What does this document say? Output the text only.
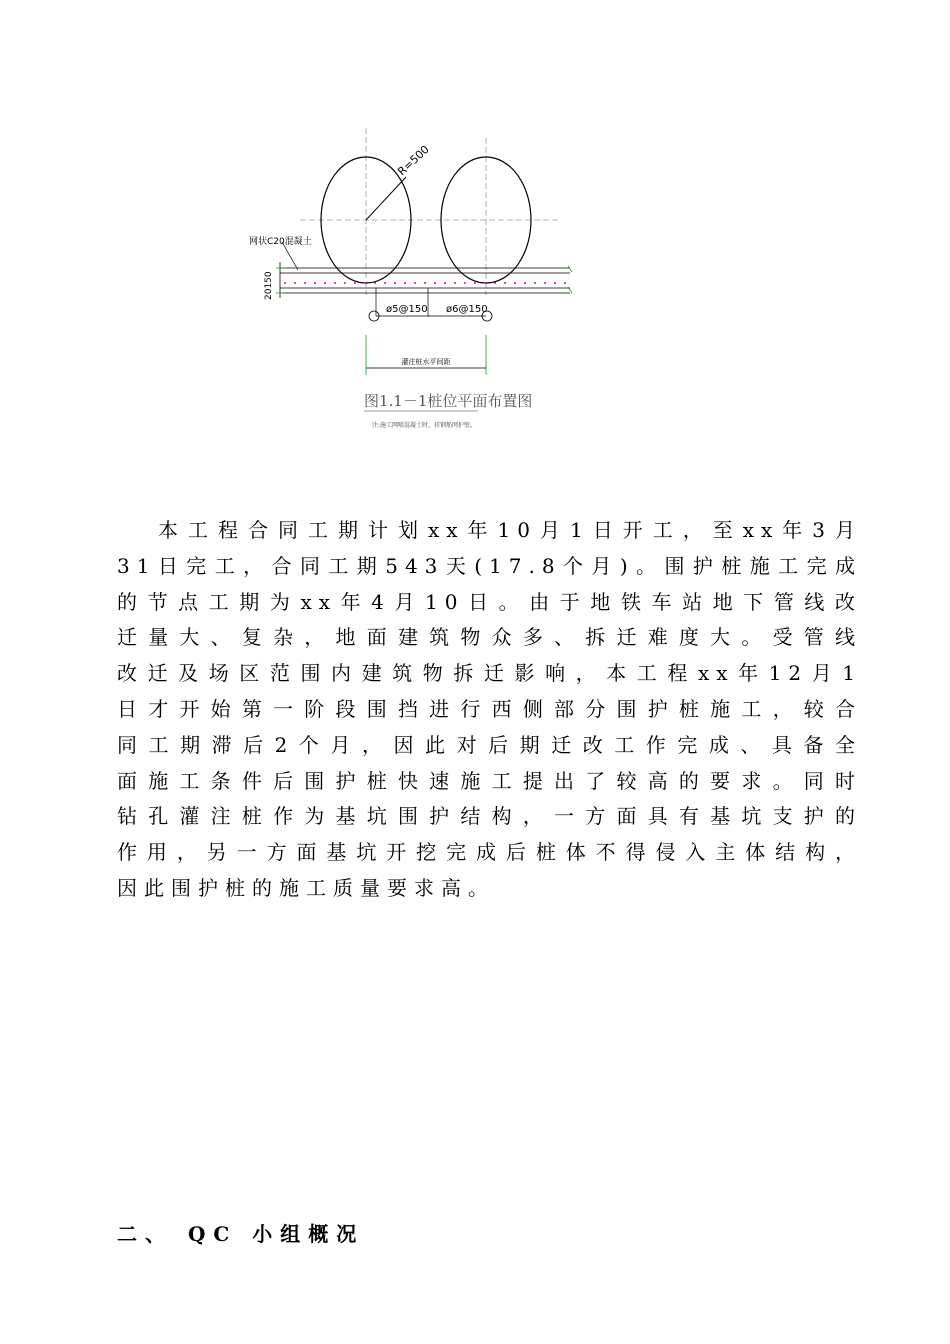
R=500
20150
网状C20混凝土
ø5@150 ø6@150
灌注桩水平间距
图1.1－1桩位平面布置图
注:施工网喷混凝土时，挂钢筋网护壁。
本工程合同工期计划xx年10月1日开工，至xx年3月
31日完工，合同工期543天(17.8个月)。围护桩施工完成
的节点工期为xx年4月10日。由于地铁车站地下管线改
迁量大、复杂，地面建筑物众多、拆迁难度大。受管线
改迁及场区范围内建筑物拆迁影响，本工程xx年12月1
日才开始第一阶段围挡进行西侧部分围护桩施工，较合
同工期滞后2个月，因此对后期迁改工作完成、具备全
面施工条件后围护桩快速施工提出了较高的要求。同时
钻孔灌注桩作为基坑围护结构，一方面具有基坑支护的
作用，另一方面基坑开挖完成后桩体不得侵入主体结构，
因此围护桩的施工质量要求高。
二、 QC 小组概况
